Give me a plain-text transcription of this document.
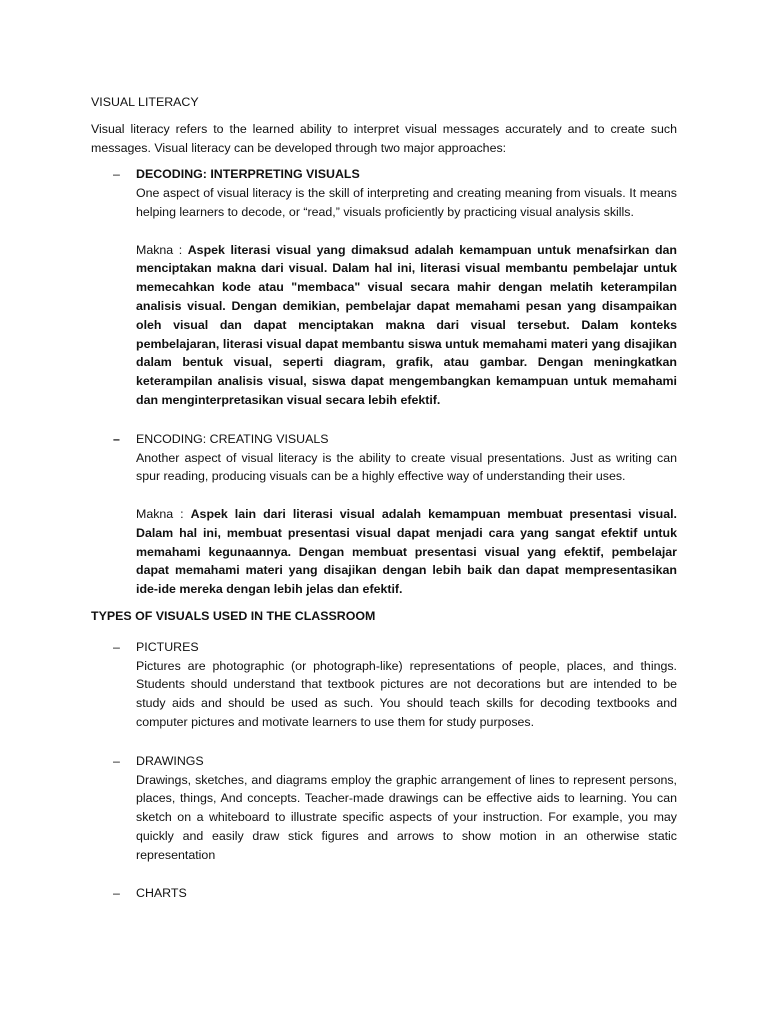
VISUAL LITERACY

Visual literacy refers to the learned ability to interpret visual messages accurately and to create such messages. Visual literacy can be developed through two major approaches:

– DECODING: INTERPRETING VISUALS

One aspect of visual literacy is the skill of interpreting and creating meaning from visuals. It means helping learners to decode, or “read,” visuals proficiently by practicing visual analysis skills.

Makna : Aspek literasi visual yang dimaksud adalah kemampuan untuk menafsirkan dan menciptakan makna dari visual. Dalam hal ini, literasi visual membantu pembelajar untuk memecahkan kode atau "membaca" visual secara mahir dengan melatih keterampilan analisis visual. Dengan demikian, pembelajar dapat memahami pesan yang disampaikan oleh visual dan dapat menciptakan makna dari visual tersebut. Dalam konteks pembelajaran, literasi visual dapat membantu siswa untuk memahami materi yang disajikan dalam bentuk visual, seperti diagram, grafik, atau gambar. Dengan meningkatkan keterampilan analisis visual, siswa dapat mengembangkan kemampuan untuk memahami dan menginterpretasikan visual secara lebih efektif.

– ENCODING: CREATING VISUALS

Another aspect of visual literacy is the ability to create visual presentations. Just as writing can spur reading, producing visuals can be a highly effective way of understanding their uses.

Makna : Aspek lain dari literasi visual adalah kemampuan membuat presentasi visual. Dalam hal ini, membuat presentasi visual dapat menjadi cara yang sangat efektif untuk memahami kegunaannya. Dengan membuat presentasi visual yang efektif, pembelajar dapat memahami materi yang disajikan dengan lebih baik dan dapat mempresentasikan ide-ide mereka dengan lebih jelas dan efektif.

TYPES OF VISUALS USED IN THE CLASSROOM

– PICTURES

Pictures are photographic (or photograph-like) representations of people, places, and things. Students should understand that textbook pictures are not decorations but are intended to be study aids and should be used as such. You should teach skills for decoding textbooks and computer pictures and motivate learners to use them for study purposes.

– DRAWINGS

Drawings, sketches, and diagrams employ the graphic arrangement of lines to represent persons, places, things, And concepts. Teacher-made drawings can be effective aids to learning. You can sketch on a whiteboard to illustrate specific aspects of your instruction. For example, you may quickly and easily draw stick figures and arrows to show motion in an otherwise static representation

– CHARTS
